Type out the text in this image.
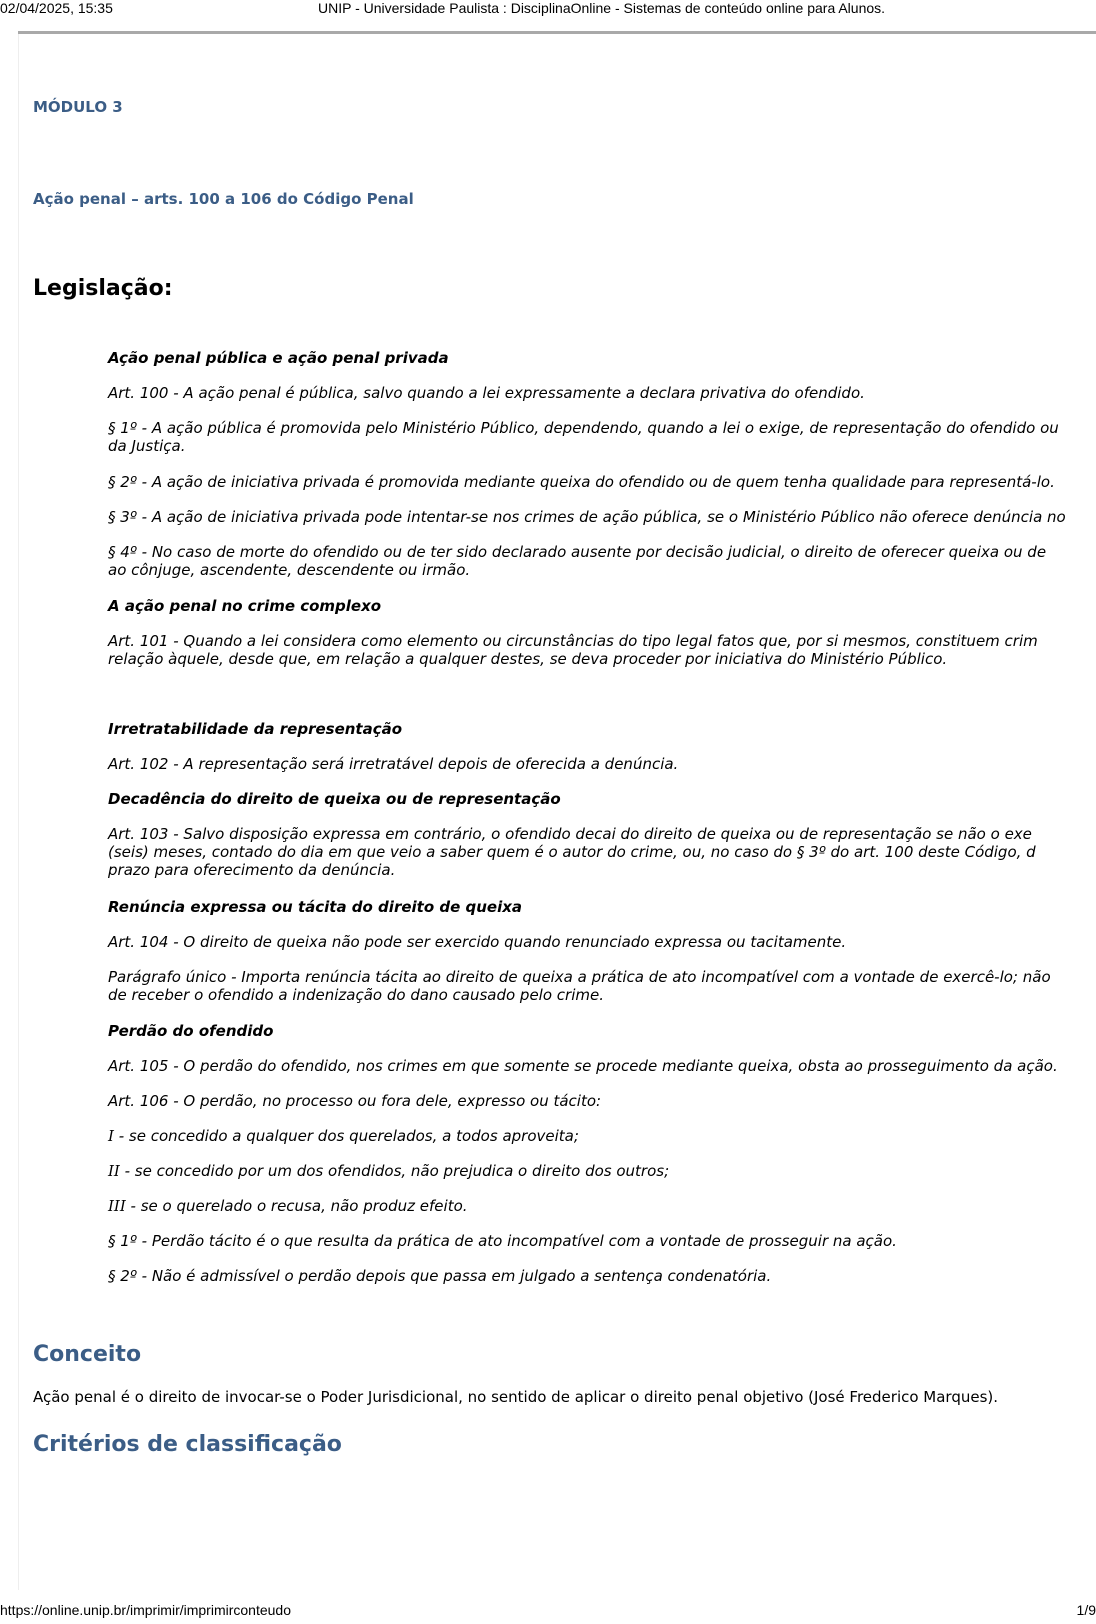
02/04/2025, 15:35	UNIP - Universidade Paulista : DisciplinaOnline - Sistemas de conteúdo online para Alunos.
MÓDULO 3
Ação penal – arts. 100 a 106 do Código Penal
Legislação:
Ação penal pública e ação penal privada
Art. 100 - A ação penal é pública, salvo quando a lei expressamente a declara privativa do ofendido.
§ 1º - A ação pública é promovida pelo Ministério Público, dependendo, quando a lei o exige, de representação do ofendido ou
da Justiça.
§ 2º - A ação de iniciativa privada é promovida mediante queixa do ofendido ou de quem tenha qualidade para representá-lo.
§ 3º - A ação de iniciativa privada pode intentar-se nos crimes de ação pública, se o Ministério Público não oferece denúncia no
§ 4º - No caso de morte do ofendido ou de ter sido declarado ausente por decisão judicial, o direito de oferecer queixa ou de
ao cônjuge, ascendente, descendente ou irmão.
A ação penal no crime complexo
Art. 101 - Quando a lei considera como elemento ou circunstâncias do tipo legal fatos que, por si mesmos, constituem crim
relação àquele, desde que, em relação a qualquer destes, se deva proceder por iniciativa do Ministério Público.
Irretratabilidade da representação
Art. 102 - A representação será irretratável depois de oferecida a denúncia.
Decadência do direito de queixa ou de representação
Art. 103 - Salvo disposição expressa em contrário, o ofendido decai do direito de queixa ou de representação se não o exe
(seis) meses, contado do dia em que veio a saber quem é o autor do crime, ou, no caso do § 3º do art. 100 deste Código, d
prazo para oferecimento da denúncia.
Renúncia expressa ou tácita do direito de queixa
Art. 104 - O direito de queixa não pode ser exercido quando renunciado expressa ou tacitamente.
Parágrafo único - Importa renúncia tácita ao direito de queixa a prática de ato incompatível com a vontade de exercê-lo; não
de receber o ofendido a indenização do dano causado pelo crime.
Perdão do ofendido
Art. 105 - O perdão do ofendido, nos crimes em que somente se procede mediante queixa, obsta ao prosseguimento da ação.
Art. 106 - O perdão, no processo ou fora dele, expresso ou tácito:
I - se concedido a qualquer dos querelados, a todos aproveita;
II - se concedido por um dos ofendidos, não prejudica o direito dos outros;
III - se o querelado o recusa, não produz efeito.
§ 1º - Perdão tácito é o que resulta da prática de ato incompatível com a vontade de prosseguir na ação.
§ 2º - Não é admissível o perdão depois que passa em julgado a sentença condenatória.
Conceito
Ação penal é o direito de invocar-se o Poder Jurisdicional, no sentido de aplicar o direito penal objetivo (José Frederico Marques).
Critérios de classificação
https://online.unip.br/imprimir/imprimirconteudo	1/9
